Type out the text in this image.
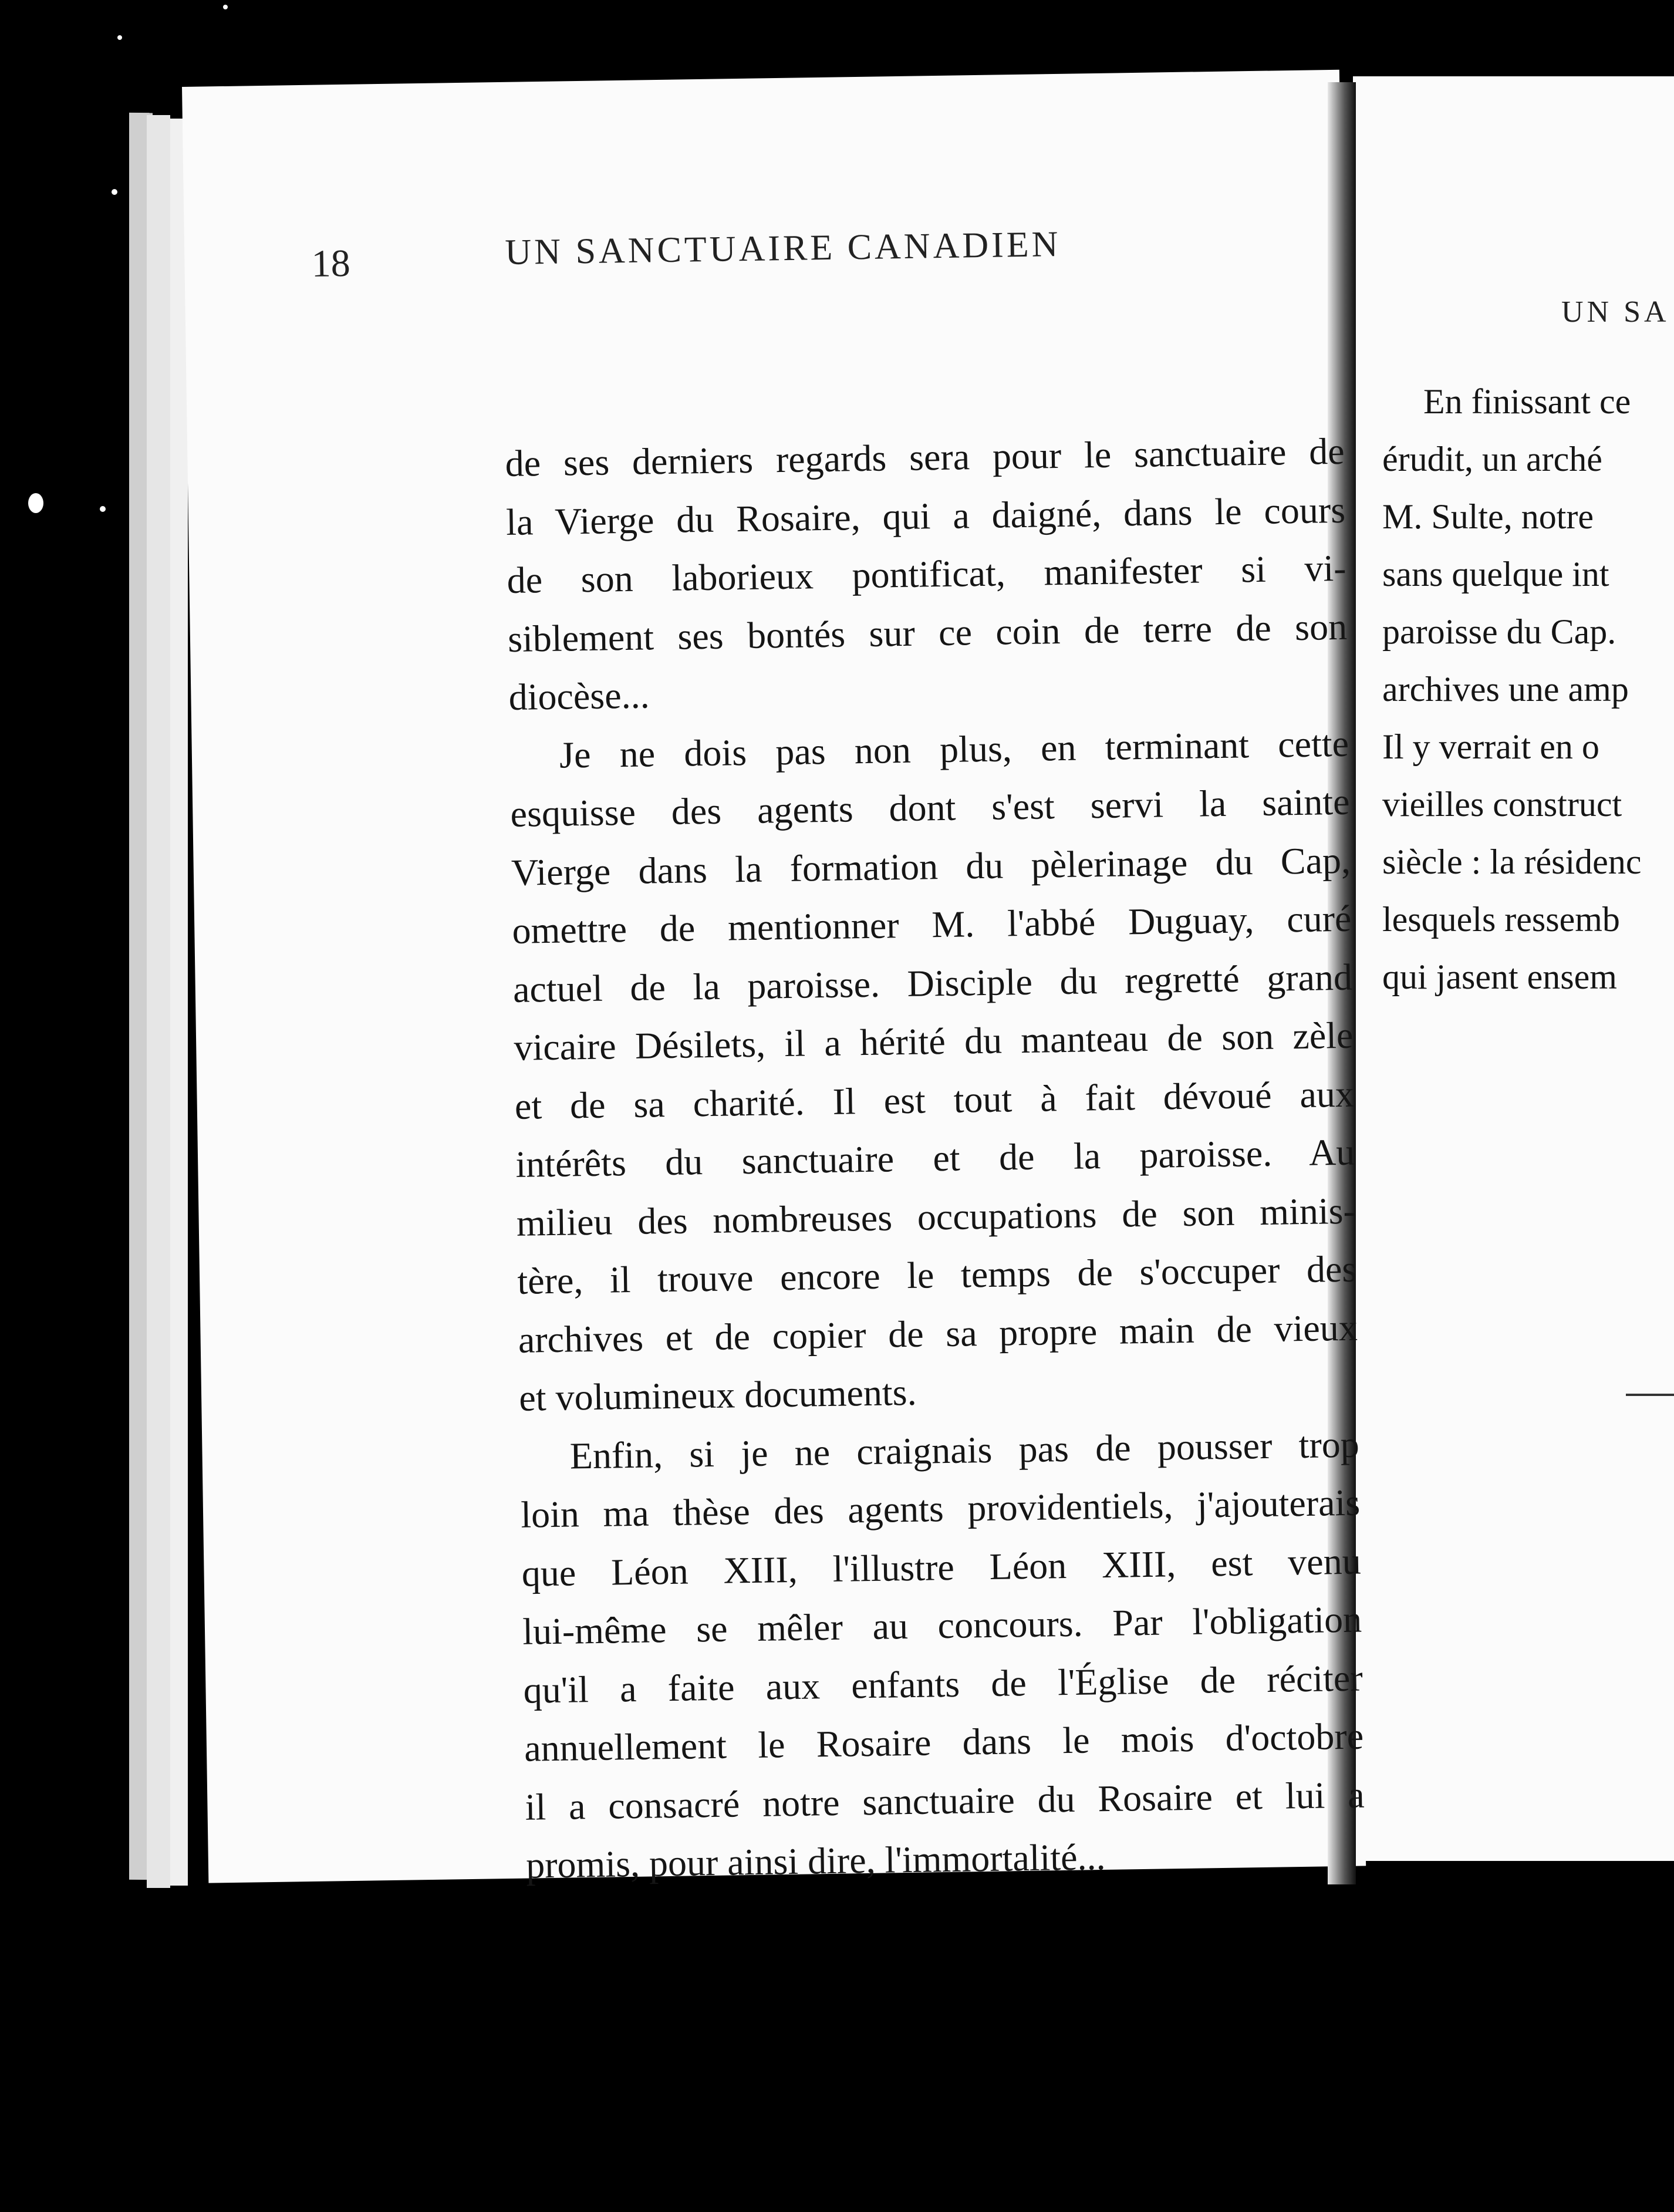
18	UN SANCTUAIRE CANADIEN
de ses derniers regards sera pour le sanctuaire de
la Vierge du Rosaire, qui a daigné, dans le cours
de son laborieux pontificat, manifester si vi-
siblement ses bontés sur ce coin de terre de son
diocèse...
Je ne dois pas non plus, en terminant cette
esquisse des agents dont s'est servi la sainte
Vierge dans la formation du pèlerinage du Cap,
omettre de mentionner M. l'abbé Duguay, curé
actuel de la paroisse. Disciple du regretté grand
vicaire Désilets, il a hérité du manteau de son zèle
et de sa charité. Il est tout à fait dévoué aux
intérêts du sanctuaire et de la paroisse. Au
milieu des nombreuses occupations de son minis-
tère, il trouve encore le temps de s'occuper des
archives et de copier de sa propre main de vieux
et volumineux documents.
Enfin, si je ne craignais pas de pousser trop
loin ma thèse des agents providentiels, j'ajouterais
que Léon XIII, l'illustre Léon XIII, est venu
lui-même se mêler au concours. Par l'obligation
qu'il a faite aux enfants de l'Église de réciter
annuellement le Rosaire dans le mois d'octobre
il a consacré notre sanctuaire du Rosaire et lui a
promis, pour ainsi dire, l'immortalité...
UN SA
En finissant ce
érudit, un arché
M. Sulte, notre
sans quelque int
paroisse du Cap.
archives une amp
Il y verrait en o
vieilles construct
siècle : la résidenc
lesquels ressemb
qui jasent ensem
